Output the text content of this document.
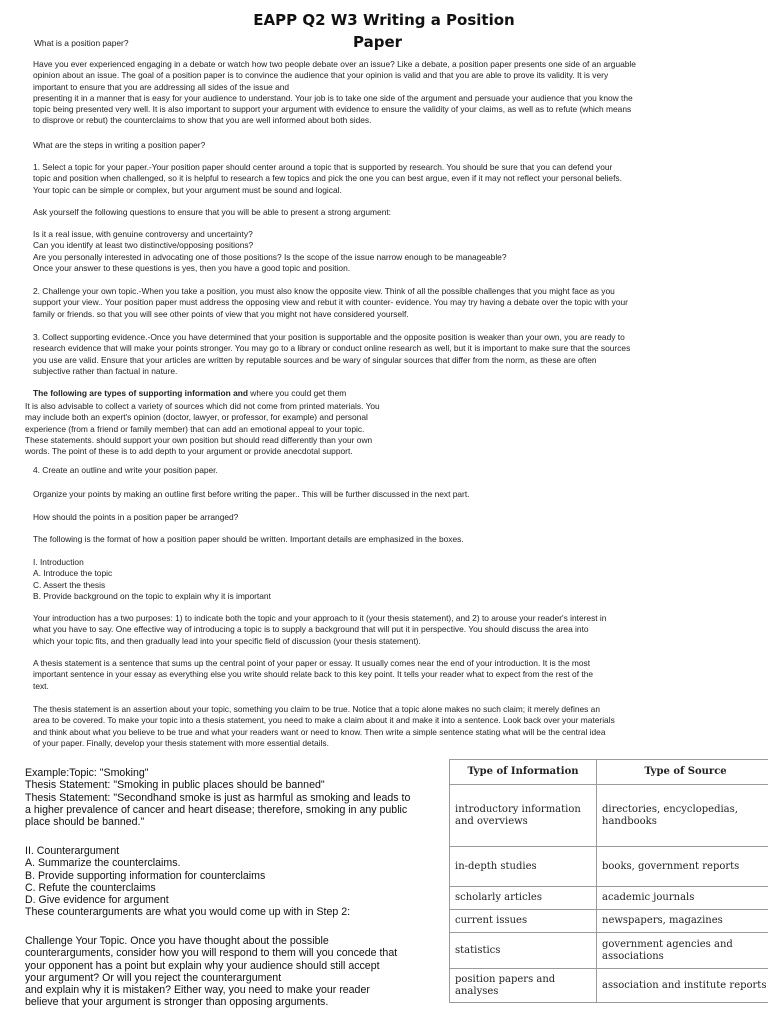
EAPP Q2 W3 Writing a Position
Paper
What is a position paper?
Have you ever experienced engaging in a debate or watch how two people debate over an issue? Like a debate, a position paper presents one side of an arguable
opinion about an issue. The goal of a position paper is to convince the audience that your opinion is valid and that you are able to prove its validity. It is very
important to ensure that you are addressing all sides of the issue and
presenting it in a manner that is easy for your audience to understand. Your job is to take one side of the argument and persuade your audience that you know the
topic being presented very well. It is also important to support your argument with evidence to ensure the validity of your claims, as well as to refute (which means
to disprove or rebut) the counterclaims to show that you are well informed about both sides.
What are the steps in writing a position paper?
1. Select a topic for your paper.-Your position paper should center around a topic that is supported by research. You should be sure that you can defend your
topic and position when challenged, so it is helpful to research a few topics and pick the one you can best argue, even if it may not reflect your personal beliefs.
Your topic can be simple or complex, but your argument must be sound and logical.
Ask yourself the following questions to ensure that you will be able to present a strong argument:
Is it a real issue, with genuine controversy and uncertainty?
Can you identify at least two distinctive/opposing positions?
Are you personally interested in advocating one of those positions? Is the scope of the issue narrow enough to be manageable?
Once your answer to these questions is yes, then you have a good topic and position.
2. Challenge your own topic.-When you take a position, you must also know the opposite view. Think of all the possible challenges that you might face as you
support your view.. Your position paper must address the opposing view and rebut it with counter- evidence. You may try having a debate over the topic with your
family or friends. so that you will see other points of view that you might not have considered yourself.
3. Collect supporting evidence.-Once you have determined that your position is supportable and the opposite position is weaker than your own, you are ready to
research evidence that will make your points stronger. You may go to a library or conduct online research as well, but it is important to make sure that the sources
you use are valid. Ensure that your articles are written by reputable sources and be wary of singular sources that differ from the norm, as these are often
subjective rather than factual in nature.
The following are types of supporting information and where you could get them
It is also advisable to collect a variety of sources which did not come from printed materials. You
may include both an expert's opinion (doctor, lawyer, or professor, for example) and personal
experience (from a friend or family member) that can add an emotional appeal to your topic.
These statements. should support your own position but should read differently than your own
words. The point of these is to add depth to your argument or provide anecdotal support.
4. Create an outline and write your position paper.
Organize your points by making an outline first before writing the paper.. This will be further discussed in the next part.
How should the points in a position paper be arranged?
The following is the format of how a position paper should be written. Important details are emphasized in the boxes.
I. Introduction
A. Introduce the topic
C. Assert the thesis
B. Provide background on the topic to explain why it is important
Your introduction has a two purposes: 1) to indicate both the topic and your approach to it (your thesis statement), and 2) to arouse your reader's interest in
what you have to say. One effective way of introducing a topic is to supply a background that will put it in perspective. You should discuss the area into
which your topic fits, and then gradually lead into your specific field of discussion (your thesis statement).
A thesis statement is a sentence that sums up the central point of your paper or essay. It usually comes near the end of your introduction. It is the most
important sentence in your essay as everything else you write should relate back to this key point. It tells your reader what to expect from the rest of the
text.
The thesis statement is an assertion about your topic, something you claim to be true. Notice that a topic alone makes no such claim; it merely defines an
area to be covered. To make your topic into a thesis statement, you need to make a claim about it and make it into a sentence. Look back over your materials
and think about what you believe to be true and what your readers want or need to know. Then write a simple sentence stating what will be the central idea
of your paper. Finally, develop your thesis statement with more essential details.
Example:Topic: "Smoking"
Thesis Statement: "Smoking in public places should be banned"
Thesis Statement: "Secondhand smoke is just as harmful as smoking and leads to
a higher prevalence of cancer and heart disease; therefore, smoking in any public
place should be banned."
II. Counterargument
A. Summarize the counterclaims.
B. Provide supporting information for counterclaims
C. Refute the counterclaims
D. Give evidence for argument
These counterarguments are what you would come up with in Step 2:
Challenge Your Topic. Once you have thought about the possible
counterarguments, consider how you will respond to them will you concede that
your opponent has a point but explain why your audience should still accept
your argument? Or will you reject the counterargument
and explain why it is mistaken? Either way, you need to make your reader
believe that your argument is stronger than opposing arguments.
Type of Information	Type of Source
introductory information and overviews	directories, encyclopedias, handbooks
in-depth studies	books, government reports
scholarly articles	academic journals
current issues	newspapers, magazines
statistics	government agencies and associations
position papers and analyses	association and institute reports
